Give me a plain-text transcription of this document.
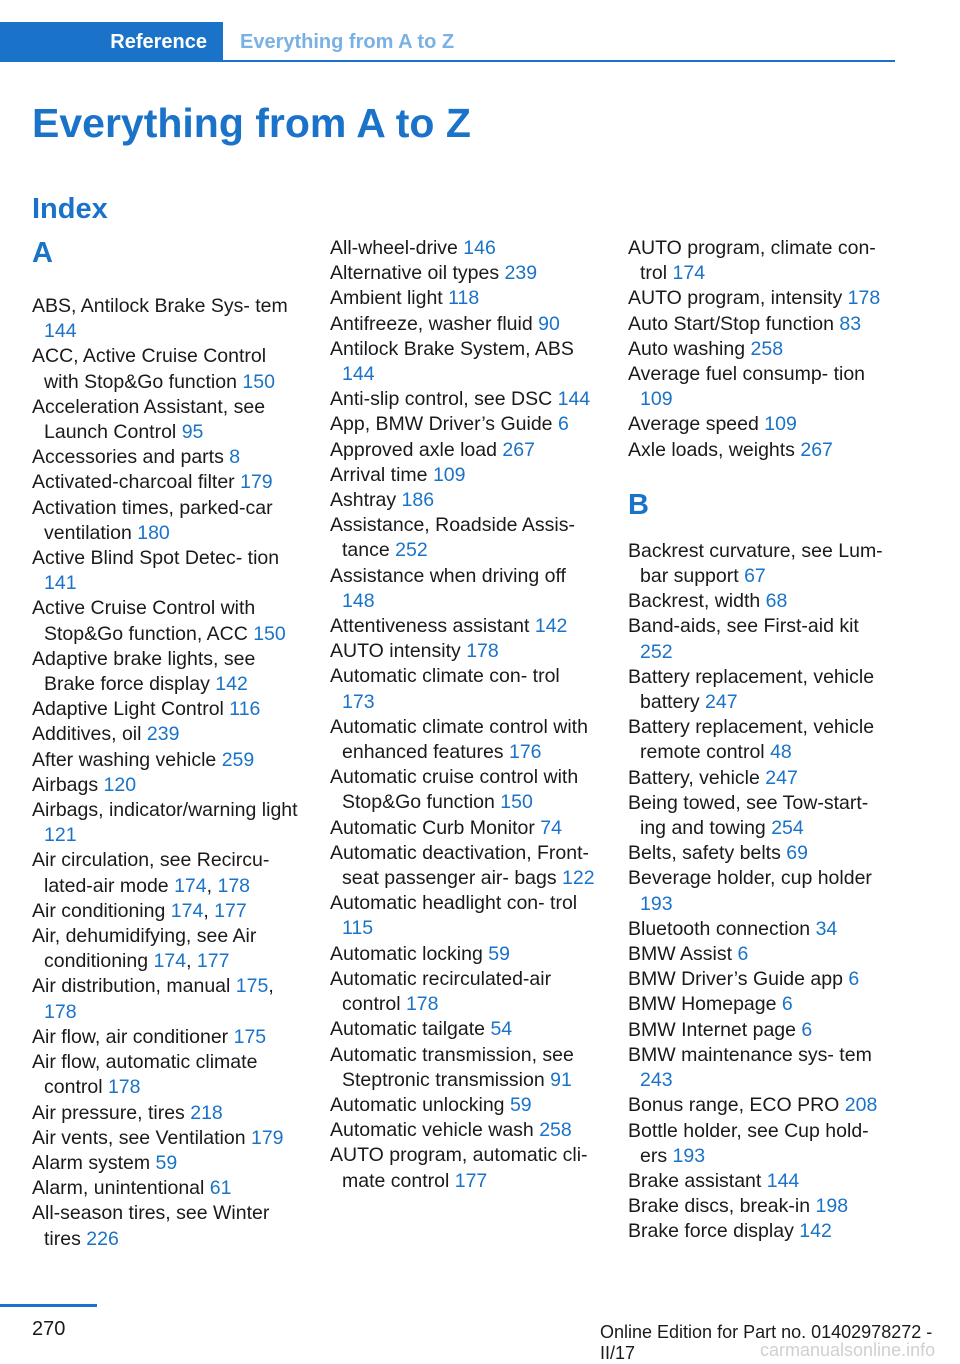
Reference Everything from A to Z
Everything from A to Z
Index
A

ABS, Antilock Brake Sys‐ tem 144

ACC, Active Cruise Control with Stop&Go function 150

Acceleration Assistant, see Launch Control 95

Accessories and parts 8

Activated-charcoal filter 179

Activation times, parked-car ventilation 180

Active Blind Spot Detec‐ tion 141

Active Cruise Control with Stop&Go function, ACC 150

Adaptive brake lights, see Brake force display 142

Adaptive Light Control 116

Additives, oil 239

After washing vehicle 259

Airbags 120

Airbags, indicator/warning light 121

Air circulation, see Recircu‐ lated-air mode 174, 178

Air conditioning 174, 177

Air, dehumidifying, see Air conditioning 174, 177

Air distribution, manual 175, 178

Air flow, air conditioner 175

Air flow, automatic climate control 178

Air pressure, tires 218

Air vents, see Ventilation 179

Alarm system 59

Alarm, unintentional 61

All-season tires, see Winter tires 226

All-wheel-drive 146

Alternative oil types 239

Ambient light 118

Antifreeze, washer fluid 90

Antilock Brake System, ABS 144

Anti-slip control, see DSC 144

App, BMW Driver’s Guide 6

Approved axle load 267

Arrival time 109

Ashtray 186

Assistance, Roadside Assis‐ tance 252

Assistance when driving off 148

Attentiveness assistant 142

AUTO intensity 178

Automatic climate con‐ trol 173

Automatic climate control with enhanced features 176

Automatic cruise control with Stop&Go function 150

Automatic Curb Monitor 74

Automatic deactivation, Front-seat passenger air‐ bags 122

Automatic headlight con‐ trol 115

Automatic locking 59

Automatic recirculated-air control 178

Automatic tailgate 54

Automatic transmission, see Steptronic transmission 91

Automatic unlocking 59

Automatic vehicle wash 258

AUTO program, automatic cli‐ mate control 177

AUTO program, climate con‐ trol 174

AUTO program, intensity 178

Auto Start/Stop function 83

Auto washing 258

Average fuel consump‐ tion 109

Average speed 109

Axle loads, weights 267

B

Backrest curvature, see Lum‐ bar support 67

Backrest, width 68

Band-aids, see First-aid kit 252

Battery replacement, vehicle battery 247

Battery replacement, vehicle remote control 48

Battery, vehicle 247

Being towed, see Tow-start‐ ing and towing 254

Belts, safety belts 69

Beverage holder, cup holder 193

Bluetooth connection 34

BMW Assist 6

BMW Driver’s Guide app 6

BMW Homepage 6

BMW Internet page 6

BMW maintenance sys‐ tem 243

Bonus range, ECO PRO 208

Bottle holder, see Cup hold‐ ers 193

Brake assistant 144

Brake discs, break-in 198

Brake force display 142

270	Online Edition for Part no. 01402978272 - II/17	carmanualsonline.info
